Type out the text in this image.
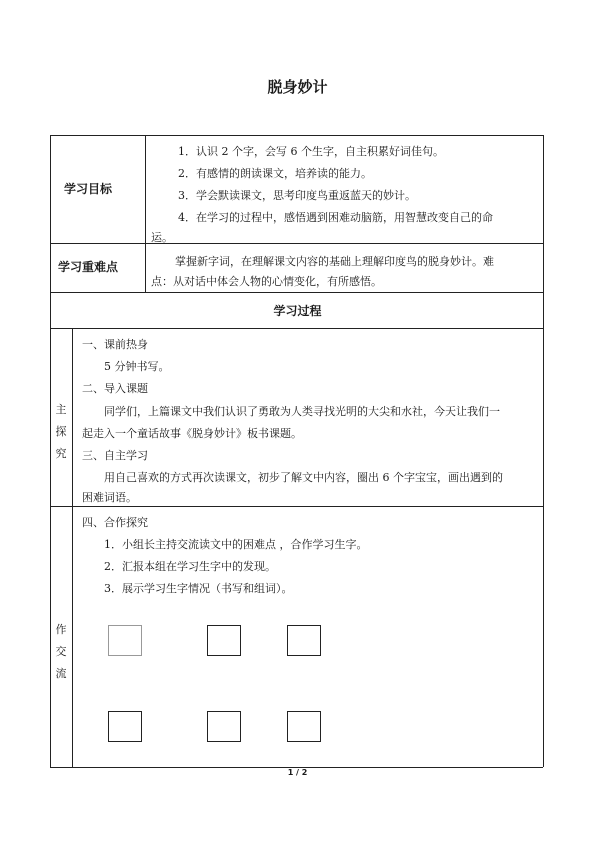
脱身妙计
学习目标
1．认识 2 个字，会写 6 个生字，自主积累好词佳句。
2．有感情的朗读课文，培养读的能力。
3．学会默读课文，思考印度鸟重返蓝天的妙计。
4．在学习的过程中，感悟遇到困难动脑筋，用智慧改变自己的命
运。
学习重难点	掌握新字词，在理解课文内容的基础上理解印度鸟的脱身妙计。难
点：从对话中体会人物的心情变化，有所感悟。
学习过程
主
探
究
一、课前热身
5 分钟书写。
二、导入课题
同学们，上篇课文中我们认识了勇敢为人类寻找光明的大尖和水社，今天让我们一
起走入一个童话故事《脱身妙计》板书课题。
三、自主学习
用自己喜欢的方式再次读课文，初步了解文中内容，圈出 6 个字宝宝，画出遇到的
困难词语。
作
交
流
四、合作探究
1．小组长主持交流读文中的困难点 ，合作学习生字。
2．汇报本组在学习生字中的发现。
3．展示学习生字情况（书写和组词）。
1 / 2
